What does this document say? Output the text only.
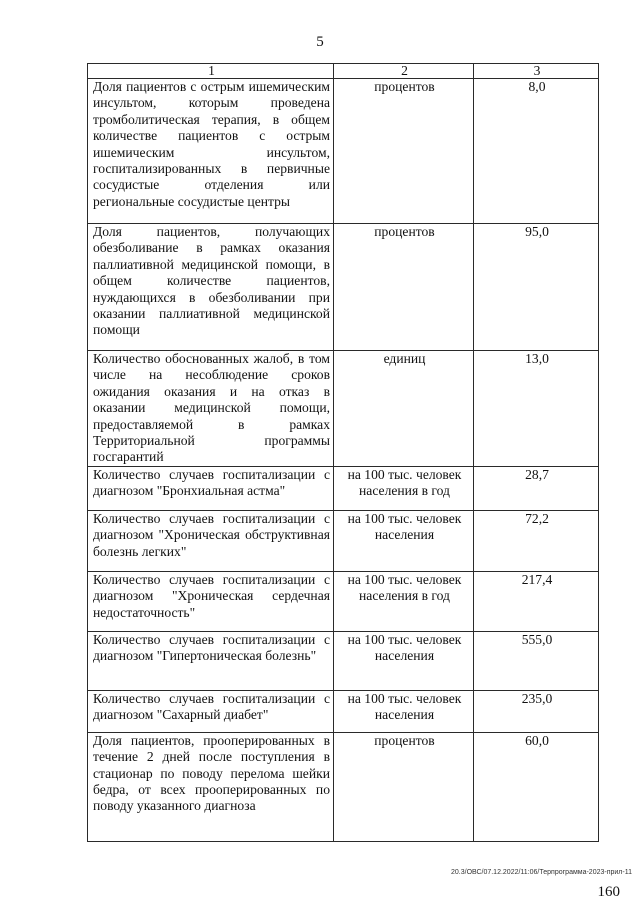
5
1	2	3
Доля пациентов с острым ишемическим инсультом, которым проведена тромболитическая терапия, в общем количестве пациентов с острым ишемическим инсультом, госпитализированных в первичные сосудистые отделения или региональные сосудистые центры	процентов	8,0
Доля пациентов, получающих обезболивание в рамках оказания паллиативной медицинской помощи, в общем количестве пациентов, нуждающихся в обезболивании при оказании паллиативной медицинской помощи	процентов	95,0
Количество обоснованных жалоб, в том числе на несоблюдение сроков ожидания оказания и на отказ в оказании медицинской помощи, предоставляемой в рамках Территориальной программы госгарантий	единиц	13,0
Количество случаев госпитализации с диагнозом "Бронхиальная астма"	на 100 тыс. человек населения в год	28,7
Количество случаев госпитализации с диагнозом "Хроническая обструктивная болезнь легких"	на 100 тыс. человек населения	72,2
Количество случаев госпитализации с диагнозом "Хроническая сердечная недостаточность"	на 100 тыс. человек населения в год	217,4
Количество случаев госпитализации с диагнозом "Гипертоническая болезнь"	на 100 тыс. человек населения	555,0
Количество случаев госпитализации с диагнозом "Сахарный диабет"	на 100 тыс. человек населения	235,0
Доля пациентов, прооперированных в течение 2 дней после поступления в стационар по поводу перелома шейки бедра, от всех прооперированных по поводу указанного диагноза	процентов	60,0
20.3/ОВС/07.12.2022/11:06/Терпрограмма-2023-прил-11
160
